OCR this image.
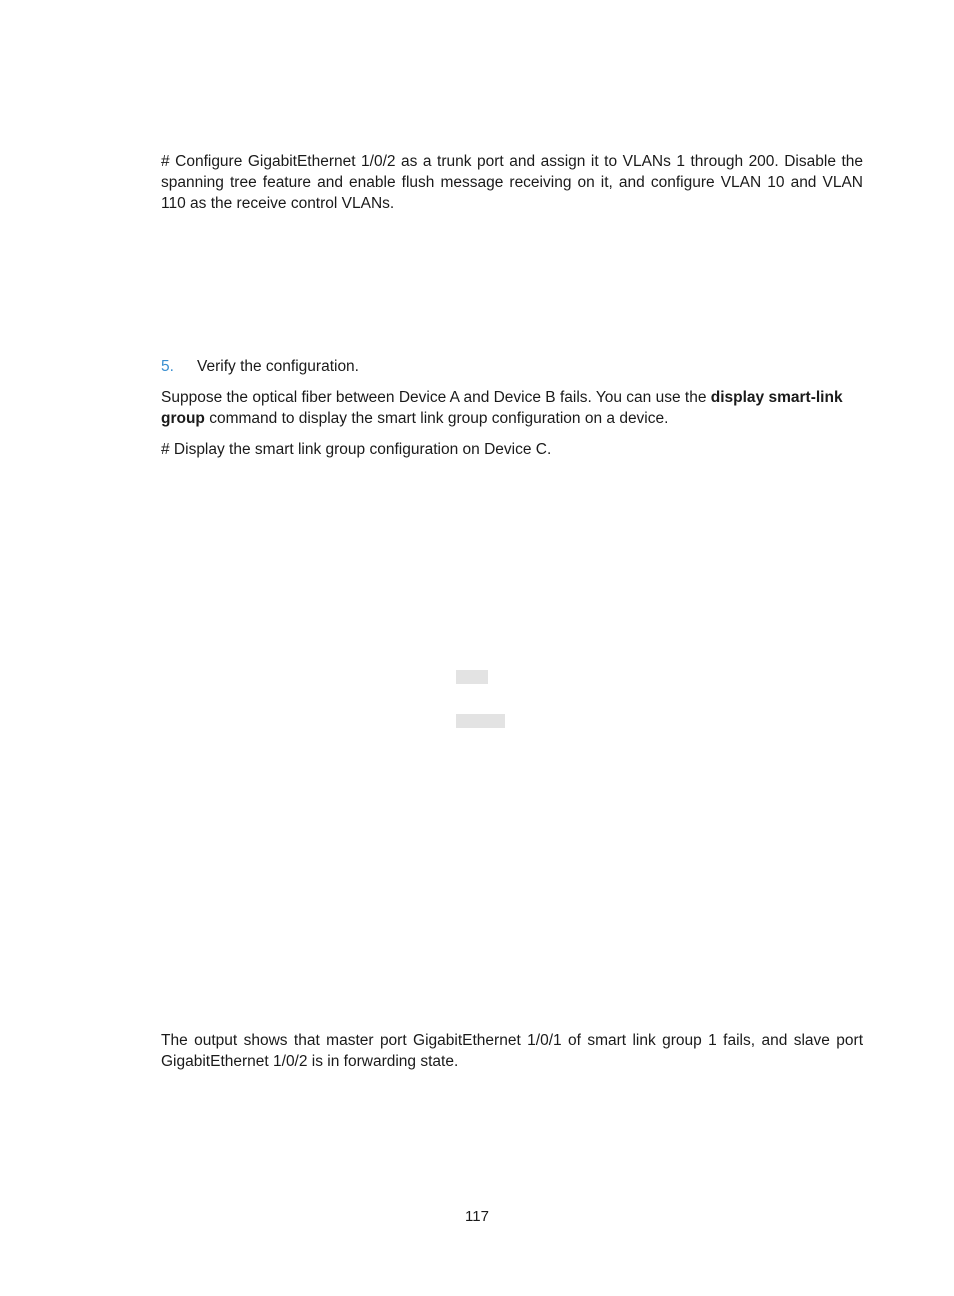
# Configure GigabitEthernet 1/0/2 as a trunk port and assign it to VLANs 1 through 200. Disable the spanning tree feature and enable flush message receiving on it, and configure VLAN 10 and VLAN 110 as the receive control VLANs.

5.	Verify the configuration.

Suppose the optical fiber between Device A and Device B fails. You can use the display smart-link group command to display the smart link group configuration on a device.

# Display the smart link group configuration on Device C.

The output shows that master port GigabitEthernet 1/0/1 of smart link group 1 fails, and slave port GigabitEthernet 1/0/2 is in forwarding state.

117
